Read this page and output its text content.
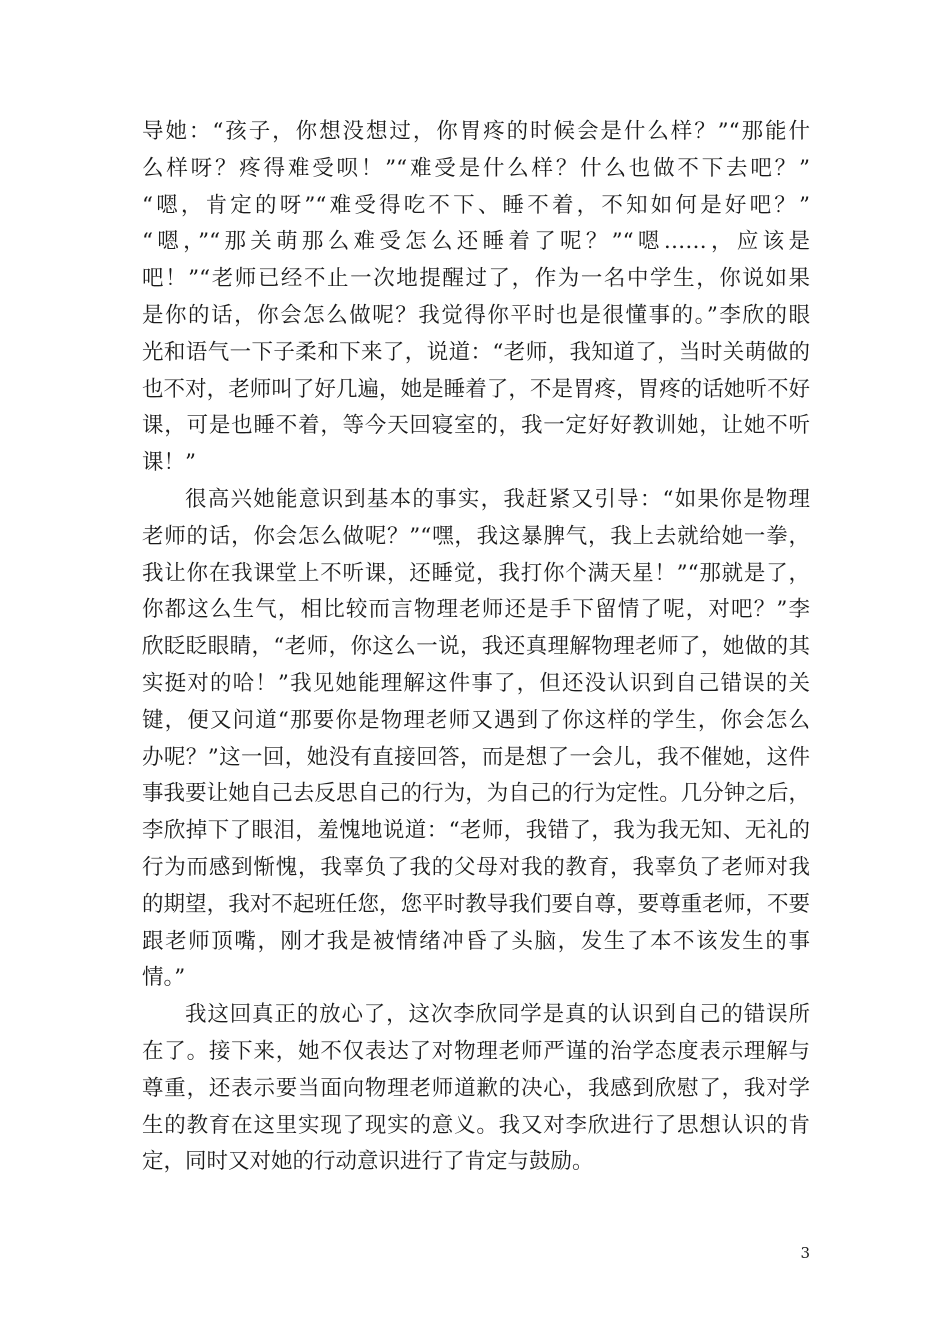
导她：“孩子，你想没想过，你胃疼的时候会是什么样？”“那能什
么样呀？疼得难受呗！”“难受是什么样？什么也做不下去吧？”
“嗯，肯定的呀”“难受得吃不下、睡不着，不知如何是好吧？”
“嗯，”“那关萌那么难受怎么还睡着了呢？”“嗯……，应该是
吧！”“老师已经不止一次地提醒过了，作为一名中学生，你说如果
是你的话，你会怎么做呢？我觉得你平时也是很懂事的。”李欣的眼
光和语气一下子柔和下来了，说道：“老师，我知道了，当时关萌做的
也不对，老师叫了好几遍，她是睡着了，不是胃疼，胃疼的话她听不好
课，可是也睡不着，等今天回寝室的，我一定好好教训她，让她不听
课！”
很高兴她能意识到基本的事实，我赶紧又引导：“如果你是物理
老师的话，你会怎么做呢？”“嘿，我这暴脾气，我上去就给她一拳，
我让你在我课堂上不听课，还睡觉，我打你个满天星！”“那就是了，
你都这么生气，相比较而言物理老师还是手下留情了呢，对吧？”李
欣眨眨眼睛，“老师，你这么一说，我还真理解物理老师了，她做的其
实挺对的哈！”我见她能理解这件事了，但还没认识到自己错误的关
键，便又问道“那要你是物理老师又遇到了你这样的学生，你会怎么
办呢？”这一回，她没有直接回答，而是想了一会儿，我不催她，这件
事我要让她自己去反思自己的行为，为自己的行为定性。几分钟之后，
李欣掉下了眼泪，羞愧地说道：“老师，我错了，我为我无知、无礼的
行为而感到惭愧，我辜负了我的父母对我的教育，我辜负了老师对我
的期望，我对不起班任您，您平时教导我们要自尊，要尊重老师，不要
跟老师顶嘴，刚才我是被情绪冲昏了头脑，发生了本不该发生的事
情。”
我这回真正的放心了，这次李欣同学是真的认识到自己的错误所
在了。接下来，她不仅表达了对物理老师严谨的治学态度表示理解与
尊重，还表示要当面向物理老师道歉的决心，我感到欣慰了，我对学
生的教育在这里实现了现实的意义。我又对李欣进行了思想认识的肯
定，同时又对她的行动意识进行了肯定与鼓励。
3
